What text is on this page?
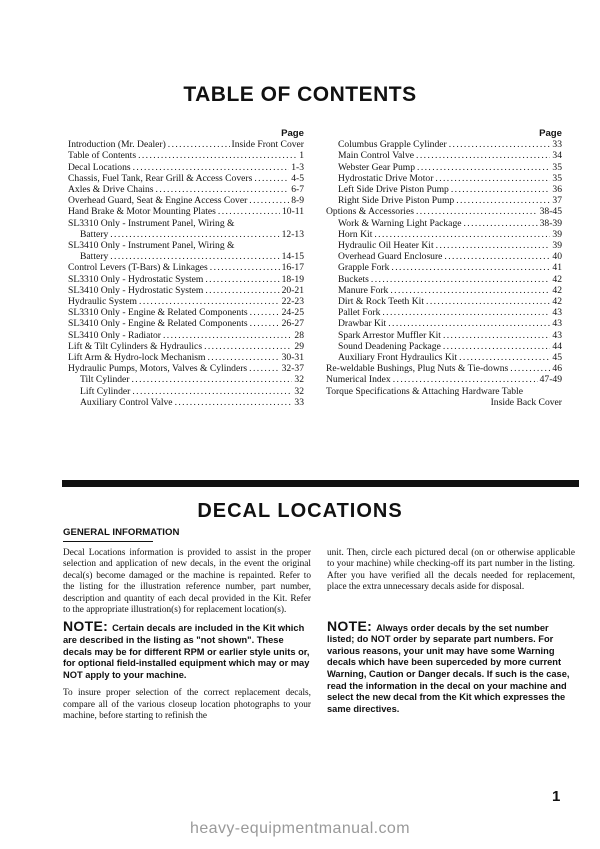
TABLE OF CONTENTS
Page
Introduction (Mr. Dealer) . . .	Inside Front Cover
Table of Contents . . .	1
Decal Locations . . .	1-3
Chassis, Fuel Tank, Rear Grill & Access Covers . . .	4-5
Axles & Drive Chains . . .	6-7
Overhead Guard, Seat & Engine Access Cover . . .	8-9
Hand Brake & Motor Mounting Plates . . .	10-11
SL3310 Only - Instrument Panel, Wiring &
Battery . . .	12-13
SL3410 Only - Instrument Panel, Wiring &
Battery . . .	14-15
Control Levers (T-Bars) & Linkages . . .	16-17
SL3310 Only - Hydrostatic System . . .	18-19
SL3410 Only - Hydrostatic System . . .	20-21
Hydraulic System . . .	22-23
SL3310 Only - Engine & Related Components . . .	24-25
SL3410 Only - Engine & Related Components . . .	26-27
SL3410 Only - Radiator . . .	28
Lift & Tilt Cylinders & Hydraulics . . .	29
Lift Arm & Hydro-lock Mechanism . . .	30-31
Hydraulic Pumps, Motors, Valves & Cylinders . . .	32-37
Tilt Cylinder . . .	32
Lift Cylinder . . .	32
Auxiliary Control Valve . . .	33
Page
Columbus Grapple Cylinder . . .	33
Main Control Valve . . .	34
Webster Gear Pump . . .	35
Hydrostatic Drive Motor . . .	35
Left Side Drive Piston Pump . . .	36
Right Side Drive Piston Pump . . .	37
Options & Accessories . . .	38-45
Work & Warning Light Package . . .	38-39
Horn Kit . . .	39
Hydraulic Oil Heater Kit . . .	39
Overhead Guard Enclosure . . .	40
Grapple Fork . . .	41
Buckets . . .	42
Manure Fork . . .	42
Dirt & Rock Teeth Kit . . .	42
Pallet Fork . . .	43
Drawbar Kit . . .	43
Spark Arrestor Muffler Kit . . .	43
Sound Deadening Package . . .	44
Auxiliary Front Hydraulics Kit . . .	45
Re-weldable Bushings, Plug Nuts & Tie-downs . . .	46
Numerical Index . . .	47-49
Torque Specifications & Attaching Hardware Table
Inside Back Cover
DECAL LOCATIONS
GENERAL INFORMATION
Decal Locations information is provided to assist in the proper selection and application of new decals, in the event the original decal(s) become damaged or the machine is repainted. Refer to the listing for the illustration reference number, part number, description and quantity of each decal provided in the Kit. Refer to the appropriate illustration(s) for replacement location(s).
NOTE: Certain decals are included in the Kit which are described in the listing as "not shown". These decals may be for different RPM or earlier style units or, for optional field-installed equipment which may or may NOT apply to your machine.
To insure proper selection of the correct replacement decals, compare all of the various closeup location photographs to your machine, before starting to refinish the
unit. Then, circle each pictured decal (on or otherwise applicable to your machine) while checking-off its part number in the listing. After you have verified all the decals needed for replacement, place the extra unnecessary decals aside for disposal.
NOTE: Always order decals by the set number listed; do NOT order by separate part numbers. For various reasons, your unit may have some Warning decals which have been superceded by more current Warning, Caution or Danger decals. If such is the case, read the information in the decal on your machine and select the new decal from the Kit which expresses the same directives.
1
heavy-equipmentmanual.com
